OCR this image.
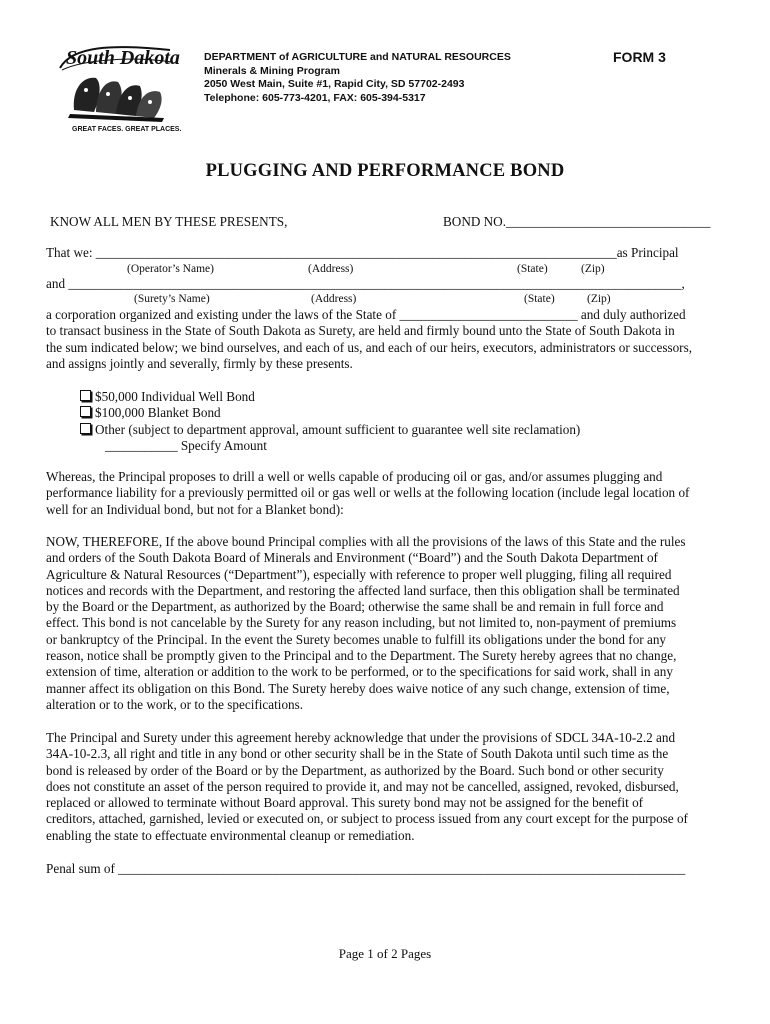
South Dakota
GREAT FACES. GREAT PLACES.
DEPARTMENT of AGRICULTURE and NATURAL RESOURCES
Minerals & Mining Program
2050 West Main, Suite #1, Rapid City, SD 57702-2493
Telephone: 605-773-4201, FAX: 605-394-5317
FORM 3
PLUGGING AND PERFORMANCE BOND
KNOW ALL MEN BY THESE PRESENTS,	BOND NO._______________________________
That we: _______________________________________________________________________________as Principal
(Operator’s Name)	(Address)	(State)	(Zip)
and _____________________________________________________________________________________________,
(Surety’s Name)	(Address)	(State)	(Zip)
a corporation organized and existing under the laws of the State of ___________________________ and duly authorized
to transact business in the State of South Dakota as Surety, are held and firmly bound unto the State of South Dakota in
the sum indicated below; we bind ourselves, and each of us, and each of our heirs, executors, administrators or successors,
and assigns jointly and severally, firmly by these presents.
$50,000 Individual Well Bond
$100,000 Blanket Bond
Other (subject to department approval, amount sufficient to guarantee well site reclamation)
___________ Specify Amount
Whereas, the Principal proposes to drill a well or wells capable of producing oil or gas, and/or assumes plugging and
performance liability for a previously permitted oil or gas well or wells at the following location (include legal location of
well for an Individual bond, but not for a Blanket bond):
NOW, THEREFORE, If the above bound Principal complies with all the provisions of the laws of this State and the rules
and orders of the South Dakota Board of Minerals and Environment (“Board”) and the South Dakota Department of
Agriculture & Natural Resources (“Department”), especially with reference to proper well plugging, filing all required
notices and records with the Department, and restoring the affected land surface, then this obligation shall be terminated
by the Board or the Department, as authorized by the Board; otherwise the same shall be and remain in full force and
effect. This bond is not cancelable by the Surety for any reason including, but not limited to, non-payment of premiums
or bankruptcy of the Principal. In the event the Surety becomes unable to fulfill its obligations under the bond for any
reason, notice shall be promptly given to the Principal and to the Department. The Surety hereby agrees that no change,
extension of time, alteration or addition to the work to be performed, or to the specifications for said work, shall in any
manner affect its obligation on this Bond. The Surety hereby does waive notice of any such change, extension of time,
alteration or to the work, or to the specifications.
The Principal and Surety under this agreement hereby acknowledge that under the provisions of SDCL 34A-10-2.2 and
34A-10-2.3, all right and title in any bond or other security shall be in the State of South Dakota until such time as the
bond is released by order of the Board or by the Department, as authorized by the Board. Such bond or other security
does not constitute an asset of the person required to provide it, and may not be cancelled, assigned, revoked, disbursed,
replaced or allowed to terminate without Board approval. This surety bond may not be assigned for the benefit of
creditors, attached, garnished, levied or executed on, or subject to process issued from any court except for the purpose of
enabling the state to effectuate environmental cleanup or remediation.
Penal sum of ______________________________________________________________________________________
Page 1 of 2 Pages
